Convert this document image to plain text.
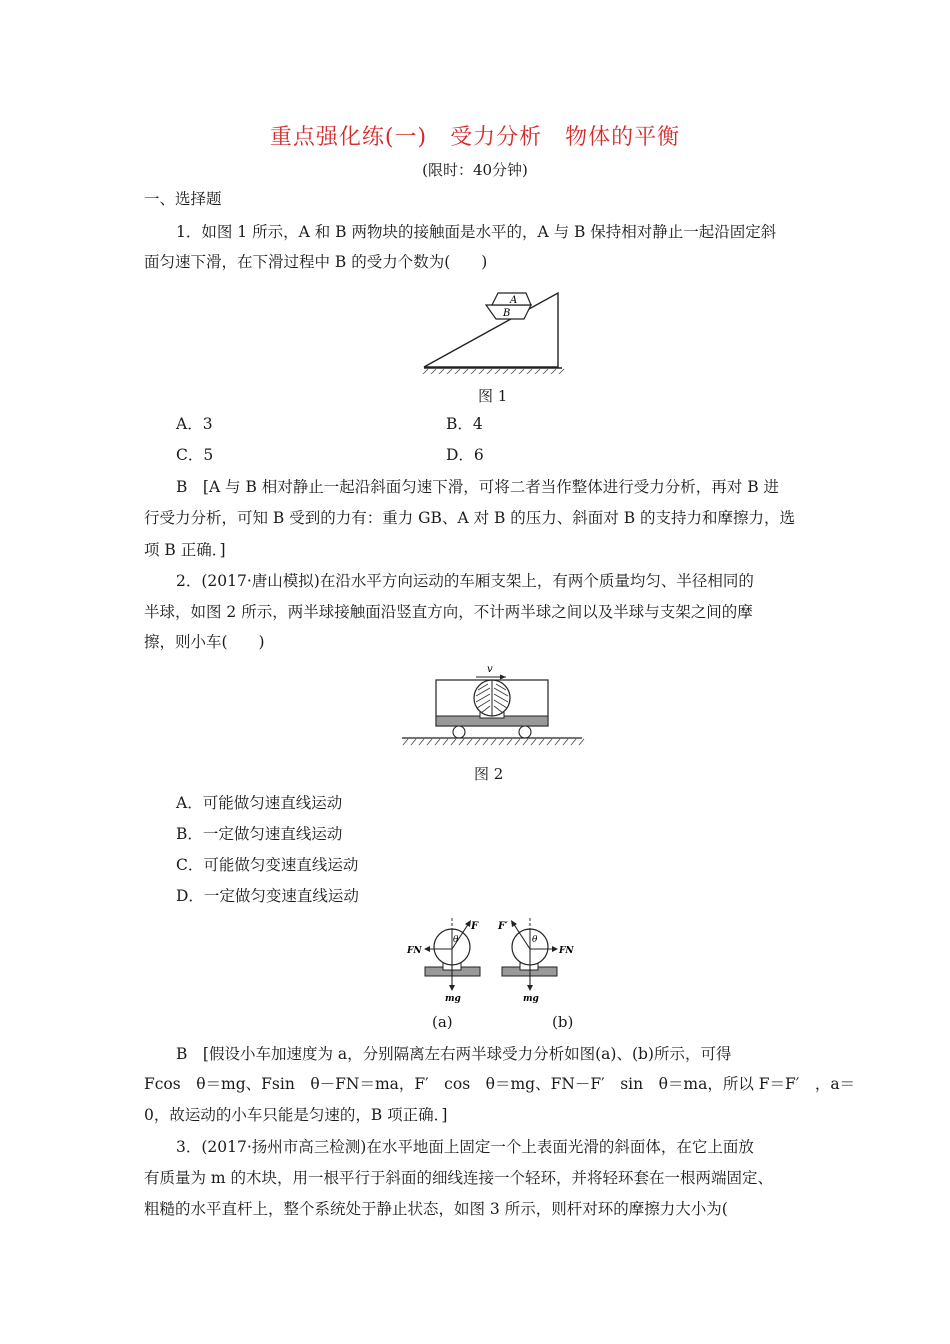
重点强化练(一)　受力分析　物体的平衡
(限时：40分钟)
一、选择题
1．如图 1 所示，A 和 B 两物块的接触面是水平的，A 与 B 保持相对静止一起沿固定斜
面匀速下滑，在下滑过程中 B 的受力个数为(　　)
A
B
图 1
A．3	B．4
C．5	D．6
B　[A 与 B 相对静止一起沿斜面匀速下滑，可将二者当作整体进行受力分析，再对 B 进
行受力分析，可知 B 受到的力有：重力 GB、A 对 B 的压力、斜面对 B 的支持力和摩擦力，选
项 B 正确．]
2．(2017·唐山模拟)在沿水平方向运动的车厢支架上，有两个质量均匀、半径相同的
半球，如图 2 所示，两半球接触面沿竖直方向，不计两半球之间以及半球与支架之间的摩
擦，则小车(　　)
v
图 2
A．可能做匀速直线运动
B．一定做匀速直线运动
C．可能做匀变速直线运动
D．一定做匀变速直线运动
F
θ
FN
mg
F′
θ
FN
mg
(a)	(b)
B　[假设小车加速度为 a，分别隔离左右两半球受力分析如图(a)、(b)所示，可得
Fcos　θ＝mg、Fsin　θ－FN＝ma，F′　cos　θ＝mg、FN－F′　sin　θ＝ma，所以 F＝F′　，a＝
0，故运动的小车只能是匀速的，B 项正确．]
3．(2017·扬州市高三检测)在水平地面上固定一个上表面光滑的斜面体，在它上面放
有质量为 m 的木块，用一根平行于斜面的细线连接一个轻环，并将轻环套在一根两端固定、
粗糙的水平直杆上，整个系统处于静止状态，如图 3 所示，则杆对环的摩擦力大小为(
